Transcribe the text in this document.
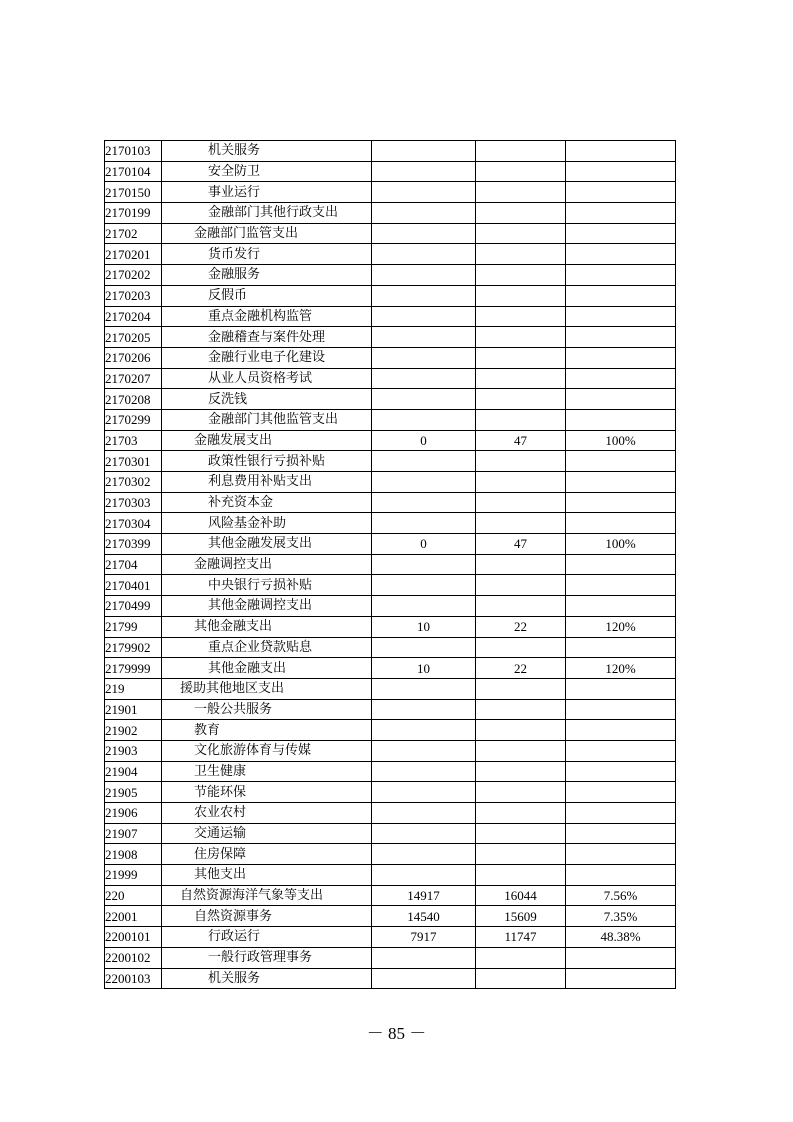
2170103	机关服务			
2170104	安全防卫			
2170150	事业运行			
2170199	金融部门其他行政支出			
21702	金融部门监管支出			
2170201	货币发行			
2170202	金融服务			
2170203	反假币			
2170204	重点金融机构监管			
2170205	金融稽查与案件处理			
2170206	金融行业电子化建设			
2170207	从业人员资格考试			
2170208	反洗钱			
2170299	金融部门其他监管支出			
21703	金融发展支出	0	47	100%
2170301	政策性银行亏损补贴			
2170302	利息费用补贴支出			
2170303	补充资本金			
2170304	风险基金补助			
2170399	其他金融发展支出	0	47	100%
21704	金融调控支出			
2170401	中央银行亏损补贴			
2170499	其他金融调控支出			
21799	其他金融支出	10	22	120%
2179902	重点企业贷款贴息			
2179999	其他金融支出	10	22	120%
219	援助其他地区支出			
21901	一般公共服务			
21902	教育			
21903	文化旅游体育与传媒			
21904	卫生健康			
21905	节能环保			
21906	农业农村			
21907	交通运输			
21908	住房保障			
21999	其他支出			
220	自然资源海洋气象等支出	14917	16044	7.56%
22001	自然资源事务	14540	15609	7.35%
2200101	行政运行	7917	11747	48.38%
2200102	一般行政管理事务			
2200103	机关服务			
－ 85 －
